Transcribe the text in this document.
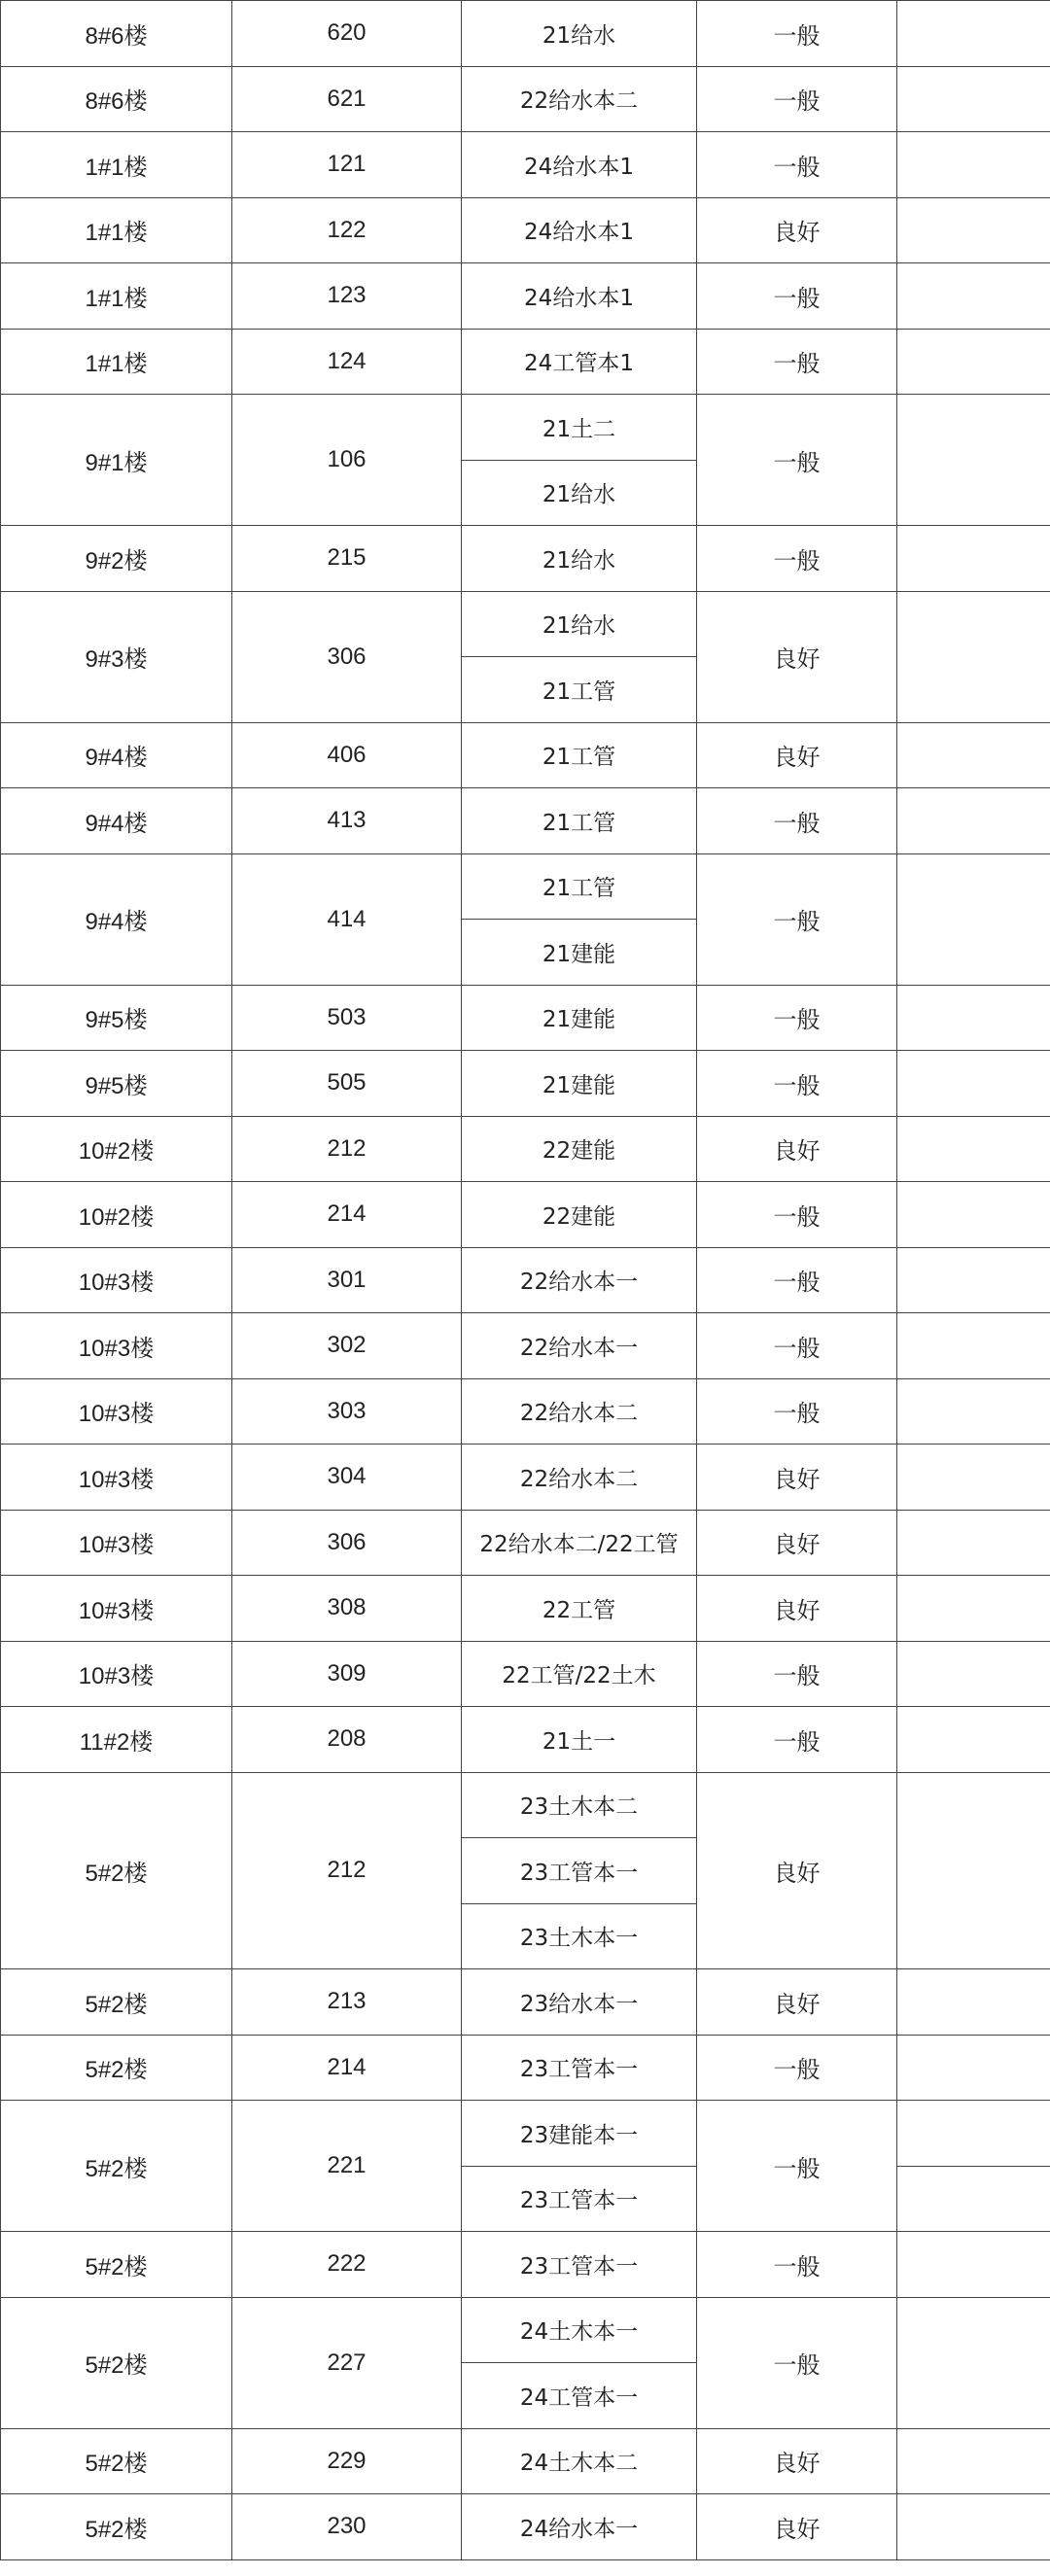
8#6楼	620	21给水	一般	
8#6楼	621	22给水本二	一般	
1#1楼	121	24给水本1	一般	
1#1楼	122	24给水本1	良好	
1#1楼	123	24给水本1	一般	
1#1楼	124	24工管本1	一般	
9#1楼	106	21土二	一般	
		21给水		
9#2楼	215	21给水	一般	
9#3楼	306	21给水	良好	
		21工管		
9#4楼	406	21工管	良好	
9#4楼	413	21工管	一般	
9#4楼	414	21工管	一般	
		21建能		
9#5楼	503	21建能	一般	
9#5楼	505	21建能	一般	
10#2楼	212	22建能	良好	
10#2楼	214	22建能	一般	
10#3楼	301	22给水本一	一般	
10#3楼	302	22给水本一	一般	
10#3楼	303	22给水本二	一般	
10#3楼	304	22给水本二	良好	
10#3楼	306	22给水本二/22工管	良好	
10#3楼	308	22工管	良好	
10#3楼	309	22工管/22土木	一般	
11#2楼	208	21土一	一般	
5#2楼	212	23土木本二	良好	
		23工管本一		
		23土木本一		
5#2楼	213	23给水本一	良好	
5#2楼	214	23工管本一	一般	
5#2楼	221	23建能本一	一般	
		23工管本一		
5#2楼	222	23工管本一	一般	
5#2楼	227	24土木本一	一般	
		24工管本一		
5#2楼	229	24土木本二	良好	
5#2楼	230	24给水本一	良好	
